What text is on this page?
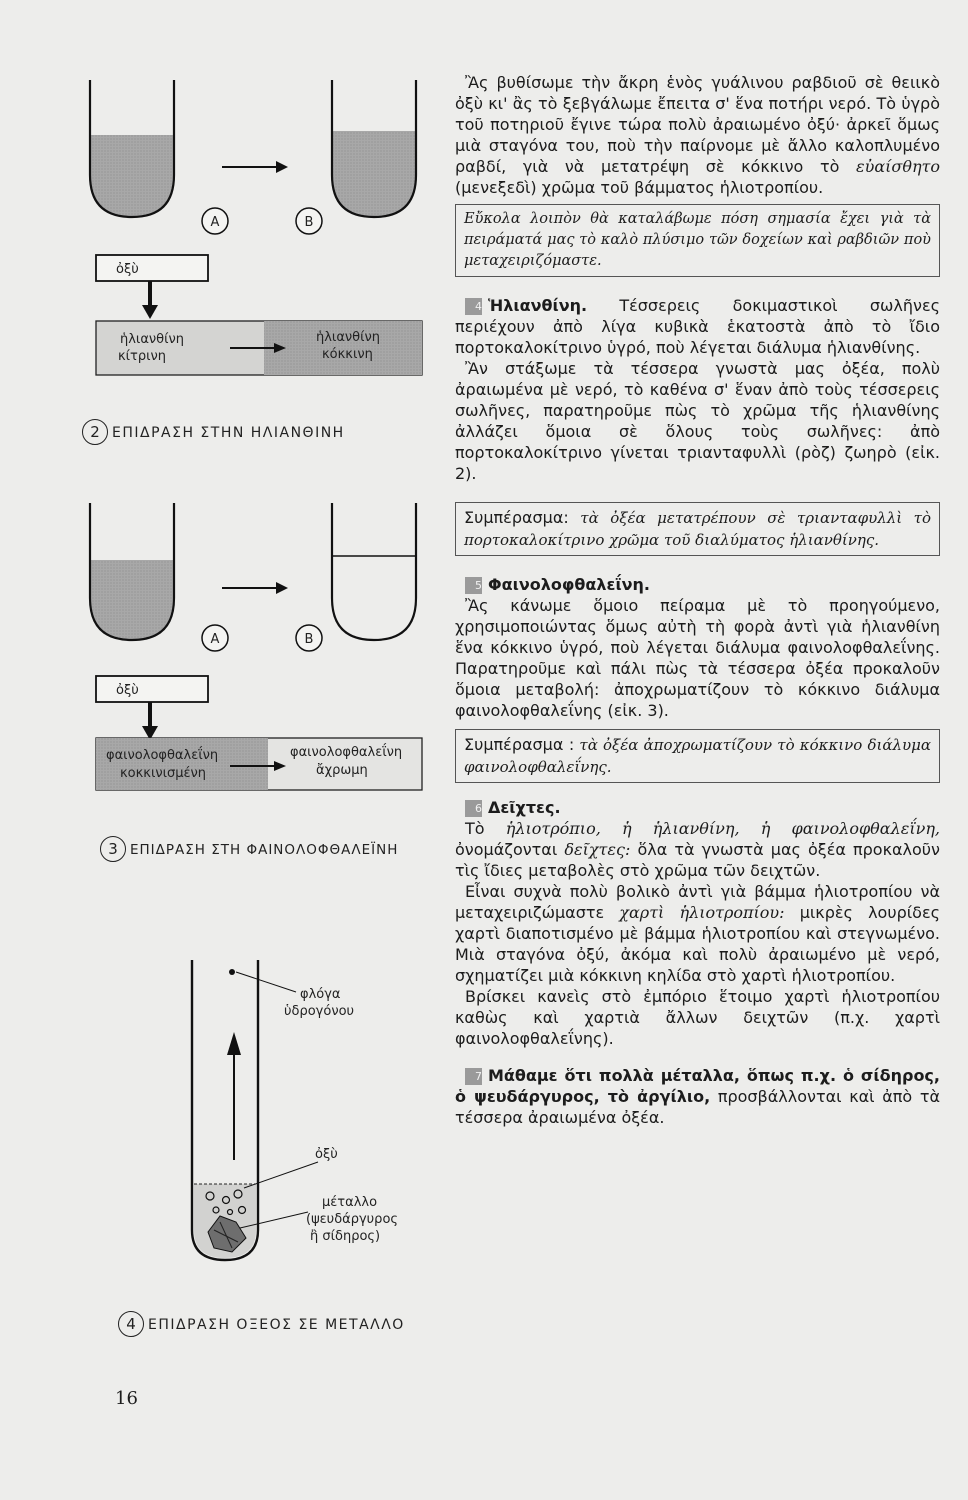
A	B
ὀξὺ
ἡλιανθίνη
κίτρινη
ἡλιανθίνη
κόκκινη
2 ΕΠΙΔΡΑΣΗ ΣΤΗΝ ΗΛΙΑΝΘΙΝΗ
A	B
ὀξὺ
φαινολοφθαλεΐνη
κοκκινισμένη
φαινολοφθαλεΐνη
ἄχρωμη
3 ΕΠΙΔΡΑΣΗ ΣΤΗ ΦΑΙΝΟΛΟΦΘΑΛΕΪΝΗ
φλόγα
ὑδρογόνου
ὀξὺ
μέταλλο
(ψευδάργυρος
ἢ σίδηρος)
4 ΕΠΙΔΡΑΣΗ ΟΞΕΟΣ ΣΕ ΜΕΤΑΛΛΟ

Ἂς βυθίσωμε τὴν ἄκρη ἑνὸς γυάλινου ραβδιοῦ σὲ θειικὸ ὀξὺ κι' ἂς τὸ ξεβγάλωμε ἔπειτα σ' ἕνα ποτήρι νερό. Τὸ ὑγρὸ τοῦ ποτηριοῦ ἔγινε τώρα πολὺ ἀραιωμένο ὀξύ· ἀρκεῖ ὅμως μιὰ σταγόνα του, ποὺ τὴν παίρνομε μὲ ἄλλο καλοπλυμένο ραβδί, γιὰ νὰ μετατρέψη σὲ κόκκινο τὸ εὐαίσθητο (μενεξεδὶ) χρῶμα τοῦ βάμματος ἡλιοτροπίου.

Εὔκολα λοιπὸν θὰ καταλάβωμε πόση σημασία ἔχει γιὰ τὰ πειράματά μας τὸ καλὸ πλύσιμο τῶν δοχείων καὶ ραβδιῶν ποὺ μεταχειριζόμαστε.

4 Ἡλιανθίνη. Τέσσερεις δοκιμαστικοὶ σωλῆνες περιέχουν ἀπὸ λίγα κυβικὰ ἑκατοστὰ ἀπὸ τὸ ἴδιο πορτοκαλοκίτρινο ὑγρό, ποὺ λέγεται διάλυμα ἡλιανθίνης.

Ἂν στάξωμε τὰ τέσσερα γνωστὰ μας ὀξέα, πολὺ ἀραιωμένα μὲ νερό, τὸ καθένα σ' ἕναν ἀπὸ τοὺς τέσσερεις σωλῆνες, παρατηροῦμε πὼς τὸ χρῶμα τῆς ἡλιανθίνης ἀλλάζει ὅμοια σὲ ὅλους τοὺς σωλῆνες: ἀπὸ πορτοκαλοκίτρινο γίνεται τριανταφυλλὶ (ρὸζ) ζωηρὸ (εἰκ. 2).

Συμπέρασμα: τὰ ὀξέα μετατρέπουν σὲ τριανταφυλλὶ τὸ πορτοκαλοκίτρινο χρῶμα τοῦ διαλύματος ἡλιανθίνης.

5 Φαινολοφθαλεΐνη.

Ἂς κάνωμε ὅμοιο πείραμα μὲ τὸ προηγούμενο, χρησιμοποιώντας ὅμως αὐτὴ τὴ φορὰ ἀντὶ γιὰ ἡλιανθίνη ἕνα κόκκινο ὑγρό, ποὺ λέγεται διάλυμα φαινολοφθαλεΐνης. Παρατηροῦμε καὶ πάλι πὼς τὰ τέσσερα ὀξέα προκαλοῦν ὅμοια μεταβολή: ἀποχρωματίζουν τὸ κόκκινο διάλυμα φαινολοφθαλεΐνης (εἰκ. 3).

Συμπέρασμα : τὰ ὀξέα ἀποχρωματίζουν τὸ κόκκινο διάλυμα φαινολοφθαλεΐνης.

6 Δεῖχτες.

Τὸ ἡλιοτρόπιο, ἡ ἡλιανθίνη, ἡ φαινολοφθαλεΐνη, ὀνομάζονται δεῖχτες: ὅλα τὰ γνωστὰ μας ὀξέα προκαλοῦν τὶς ἴδιες μεταβολὲς στὸ χρῶμα τῶν δειχτῶν.

Εἶναι συχνὰ πολὺ βολικὸ ἀντὶ γιὰ βάμμα ἡλιοτροπίου νὰ μεταχειριζώμαστε χαρτὶ ἡλιοτροπίου: μικρὲς λουρίδες χαρτὶ διαποτισμένο μὲ βάμμα ἡλιοτροπίου καὶ στεγνωμένο. Μιὰ σταγόνα ὀξύ, ἀκόμα καὶ πολὺ ἀραιωμένο μὲ νερό, σχηματίζει μιὰ κόκκινη κηλίδα στὸ χαρτὶ ἡλιοτροπίου.

Βρίσκει κανεὶς στὸ ἐμπόριο ἕτοιμο χαρτὶ ἡλιοτροπίου καθὼς καὶ χαρτιὰ ἄλλων δειχτῶν (π.χ. χαρτὶ φαινολοφθαλεΐνης).

7 Μάθαμε ὅτι πολλὰ μέταλλα, ὅπως π.χ. ὁ σίδηρος, ὁ ψευδάργυρος, τὸ ἀργίλιο, προσβάλλονται καὶ ἀπὸ τὰ τέσσερα ἀραιωμένα ὀξέα.

16
